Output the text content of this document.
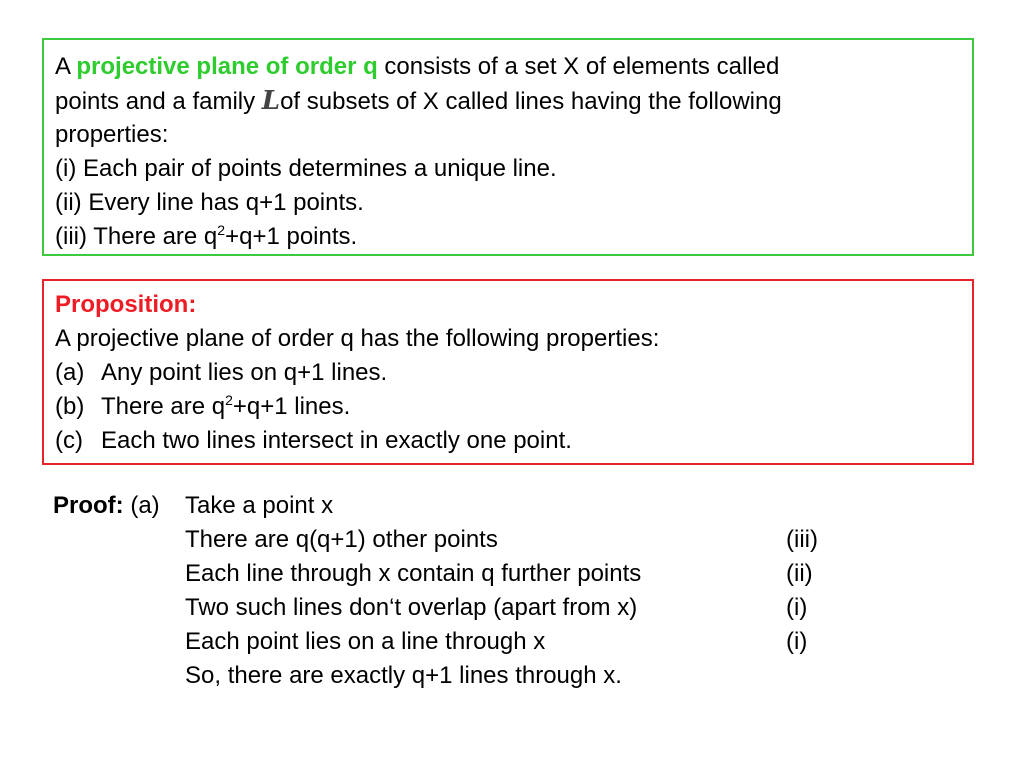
A projective plane of order q consists of a set X of elements called
points and a family Lof subsets of X called lines having the following
properties:
(i) Each pair of points determines a unique line.
(ii) Every line has q+1 points.
(iii) There are $q^2+q+1$ points.
Proposition:
A projective plane of order q has the following properties:
(a) Any point lies on q+1 lines.
(b) There are $q^2+q+1$ lines.
(c) Each two lines intersect in exactly one point.
Proof: (a) Take a point x
There are q(q+1) other points	(iii)
Each line through x contain q further points	(ii)
Two such lines don‘t overlap (apart from x)	(i)
Each point lies on a line through x	(i)
So, there are exactly q+1 lines through x.
